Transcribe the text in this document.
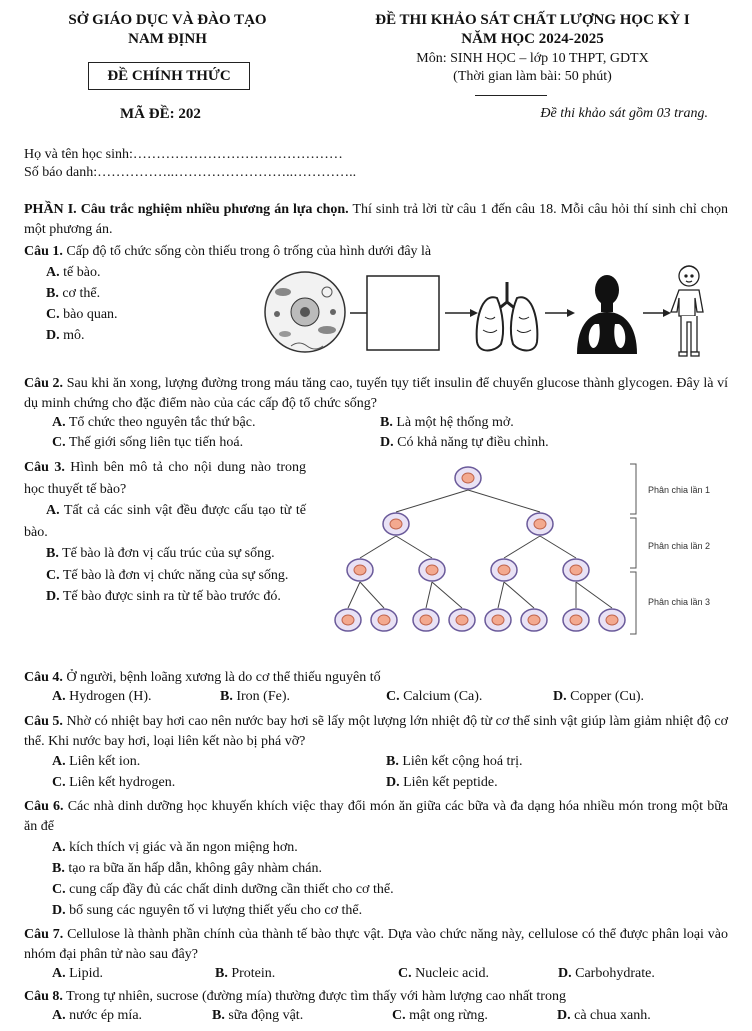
SỞ GIÁO DỤC VÀ ĐÀO TẠO
NAM ĐỊNH
ĐỀ CHÍNH THỨC
MÃ ĐỀ: 202
ĐỀ THI KHẢO SÁT CHẤT LƯỢNG HỌC KỲ I
NĂM HỌC 2024-2025
Môn: SINH HỌC – lớp 10 THPT, GDTX
(Thời gian làm bài: 50 phút)
Đề thi khảo sát gồm 03 trang.
Họ và tên học sinh:………………………………………
Số báo danh:……………..……………………..…………..
PHẦN I. Câu trắc nghiệm nhiều phương án lựa chọn. Thí sinh trả lời từ câu 1 đến câu 18. Mỗi câu hỏi thí sinh chỉ chọn một phương án.
Câu 1. Cấp độ tổ chức sống còn thiếu trong ô trống của hình dưới đây là
A. tế bào.
B. cơ thể.
C. bào quan.
D. mô.
Câu 2. Sau khi ăn xong, lượng đường trong máu tăng cao, tuyến tụy tiết insulin để chuyển glucose thành glycogen. Đây là ví dụ minh chứng cho đặc điểm nào của các cấp độ tổ chức sống?
A. Tổ chức theo nguyên tắc thứ bậc.	B. Là một hệ thống mở.
C. Thế giới sống liên tục tiến hoá.	D. Có khả năng tự điều chỉnh.
Câu 3. Hình bên mô tả cho nội dung nào trong học thuyết tế bào?
A. Tất cả các sinh vật đều được cấu tạo từ tế bào.
B. Tế bào là đơn vị cấu trúc của sự sống.
C. Tế bào là đơn vị chức năng của sự sống.
D. Tế bào được sinh ra từ tế bào trước đó.
Phân chia lần 1
Phân chia lần 2
Phân chia lần 3
Câu 4. Ở người, bệnh loãng xương là do cơ thể thiếu nguyên tố
A. Hydrogen (H).	B. Iron (Fe).	C. Calcium (Ca).	D. Copper (Cu).
Câu 5. Nhờ có nhiệt bay hơi cao nên nước bay hơi sẽ lấy một lượng lớn nhiệt độ từ cơ thể sinh vật giúp làm giảm nhiệt độ cơ thể. Khi nước bay hơi, loại liên kết nào bị phá vỡ?
A. Liên kết ion.	B. Liên kết cộng hoá trị.
C. Liên kết hydrogen.	D. Liên kết peptide.
Câu 6. Các nhà dinh dưỡng học khuyến khích việc thay đổi món ăn giữa các bữa và đa dạng hóa nhiều món trong một bữa ăn để
A. kích thích vị giác và ăn ngon miệng hơn.
B. tạo ra bữa ăn hấp dẫn, không gây nhàm chán.
C. cung cấp đầy đủ các chất dinh dưỡng cần thiết cho cơ thể.
D. bổ sung các nguyên tố vi lượng thiết yếu cho cơ thể.
Câu 7. Cellulose là thành phần chính của thành tế bào thực vật. Dựa vào chức năng này, cellulose có thể được phân loại vào nhóm đại phân tử nào sau đây?
A. Lipid.	B. Protein.	C. Nucleic acid.	D. Carbohydrate.
Câu 8. Trong tự nhiên, sucrose (đường mía) thường được tìm thấy với hàm lượng cao nhất trong
A. nước ép mía.	B. sữa động vật.	C. mật ong rừng.	D. cà chua xanh.
